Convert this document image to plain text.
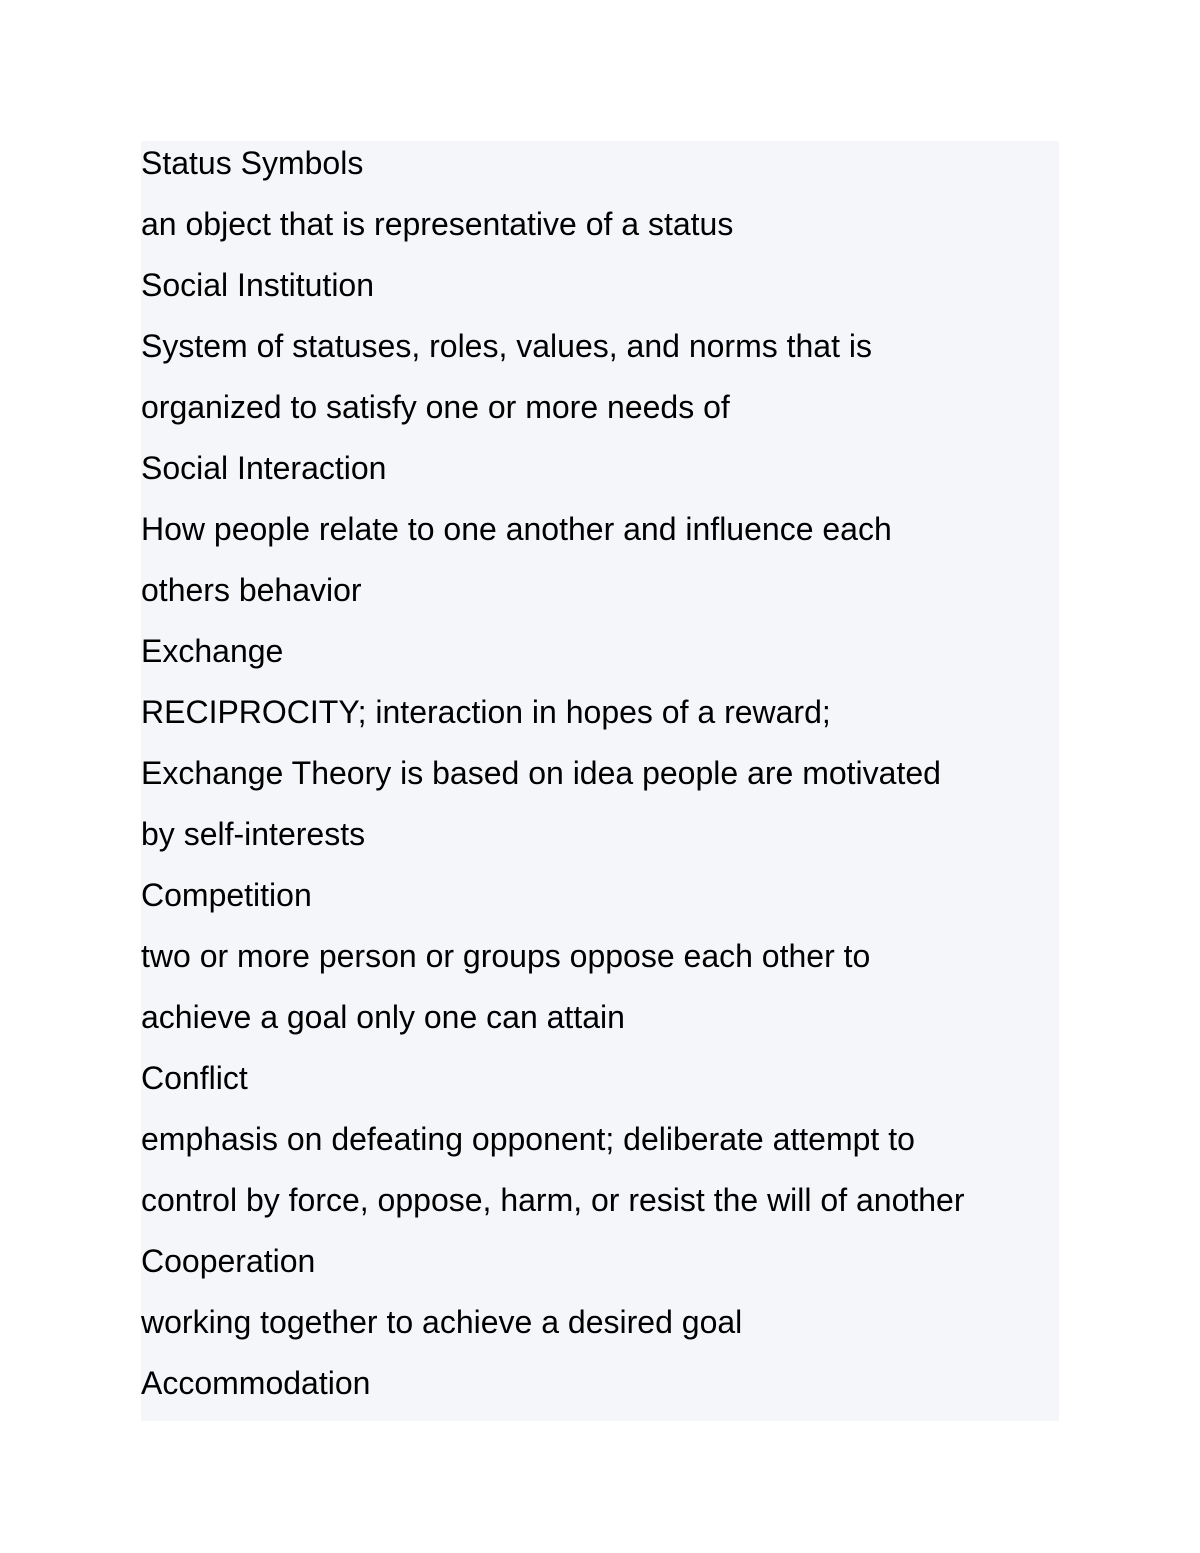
Status Symbols

an object that is representative of a status

Social Institution

System of statuses, roles, values, and norms that is

organized to satisfy one or more needs of

Social Interaction

How people relate to one another and influence each

others behavior

Exchange

RECIPROCITY; interaction in hopes of a reward;

Exchange Theory is based on idea people are motivated

by self-interests

Competition

two or more person or groups oppose each other to

achieve a goal only one can attain

Conflict

emphasis on defeating opponent; deliberate attempt to

control by force, oppose, harm, or resist the will of another

Cooperation

working together to achieve a desired goal

Accommodation
